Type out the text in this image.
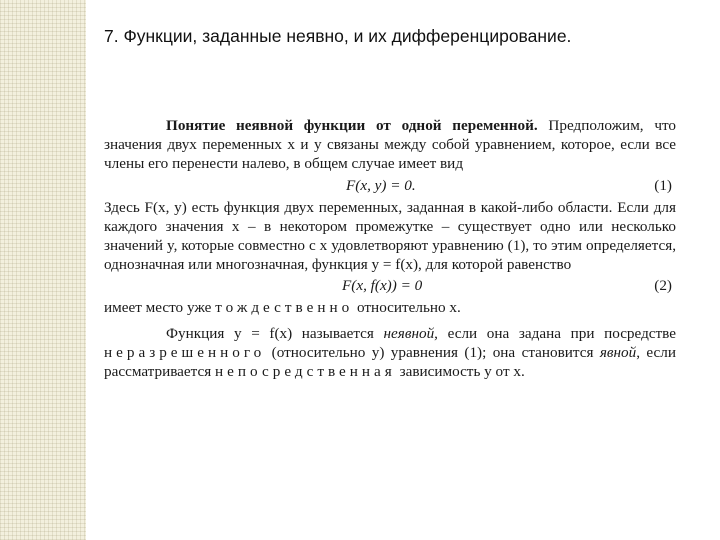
7. Функции, заданные неявно, и их дифференцирование.

Понятие неявной функции от одной переменной. Предположим, что значения двух переменных x и y связаны между собой уравнением, которое, если все члены его перенести налево, в общем случае имеет вид

F(x, y) = 0.	(1)

Здесь F(x, y) есть функция двух переменных, заданная в какой-либо области. Если для каждого значения x – в некотором промежутке – существует одно или несколько значений y, которые совместно с x удовлетворяют уравнению (1), то этим определяется, однозначная или многозначная, функция y = f(x), для которой равенство

F(x, f(x)) = 0	(2)

имеет место уже тождественно относительно x.

Функция y = f(x) называется неявной, если она задана при посредстве неразрешенного (относительно y) уравнения (1); она становится явной, если рассматривается непосредственная зависимость y от x.
